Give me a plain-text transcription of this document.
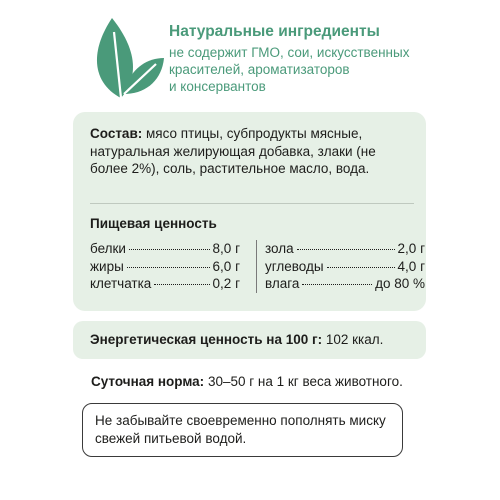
Натуральные ингредиенты
не содержит ГМО, сои, искусственных
красителей, ароматизаторов
и консервантов
Состав: мясо птицы, субпродукты мясные, натуральная желирующая добавка, злаки (не более 2%), соль, растительное масло, вода.
Пищевая ценность
белки	8,0 г
жиры	6,0 г
клетчатка	0,2 г
зола	2,0 г
углеводы	4,0 г
влага	до 80 %
Энергетическая ценность на 100 г: 102 ккал.
Суточная норма: 30–50 г на 1 кг веса животного.
Не забывайте своевременно пополнять миску свежей питьевой водой.
